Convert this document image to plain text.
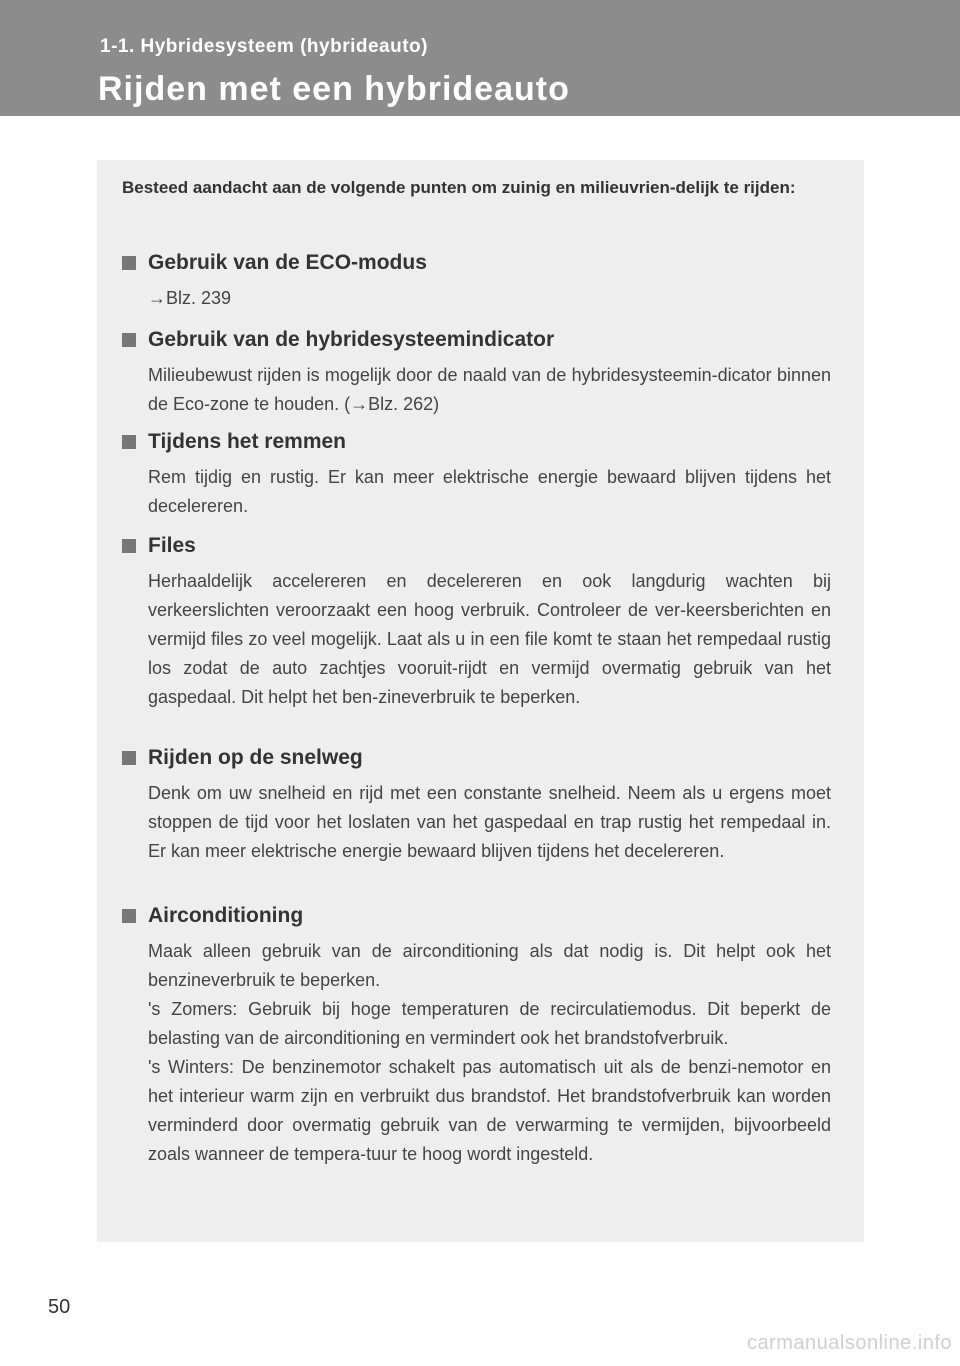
1-1. Hybridesysteem (hybrideauto)
Rijden met een hybrideauto
Besteed aandacht aan de volgende punten om zuinig en milieuvrien-delijk te rijden:
Gebruik van de ECO-modus
→Blz. 239
Gebruik van de hybridesysteemindicator
Milieubewust rijden is mogelijk door de naald van de hybridesysteemin-dicator binnen de Eco-zone te houden. (→Blz. 262)
Tijdens het remmen
Rem tijdig en rustig. Er kan meer elektrische energie bewaard blijven tijdens het decelereren.
Files
Herhaaldelijk accelereren en decelereren en ook langdurig wachten bij verkeerslichten veroorzaakt een hoog verbruik. Controleer de ver-keersberichten en vermijd files zo veel mogelijk. Laat als u in een file komt te staan het rempedaal rustig los zodat de auto zachtjes vooruit-rijdt en vermijd overmatig gebruik van het gaspedaal. Dit helpt het ben-zineverbruik te beperken.
Rijden op de snelweg
Denk om uw snelheid en rijd met een constante snelheid. Neem als u ergens moet stoppen de tijd voor het loslaten van het gaspedaal en trap rustig het rempedaal in. Er kan meer elektrische energie bewaard blijven tijdens het decelereren.
Airconditioning
Maak alleen gebruik van de airconditioning als dat nodig is. Dit helpt ook het benzineverbruik te beperken.
's Zomers: Gebruik bij hoge temperaturen de recirculatiemodus. Dit beperkt de belasting van de airconditioning en vermindert ook het brandstofverbruik.
's Winters: De benzinemotor schakelt pas automatisch uit als de benzi-nemotor en het interieur warm zijn en verbruikt dus brandstof. Het brandstofverbruik kan worden verminderd door overmatig gebruik van de verwarming te vermijden, bijvoorbeeld zoals wanneer de tempera-tuur te hoog wordt ingesteld.
50
carmanualsonline.info
